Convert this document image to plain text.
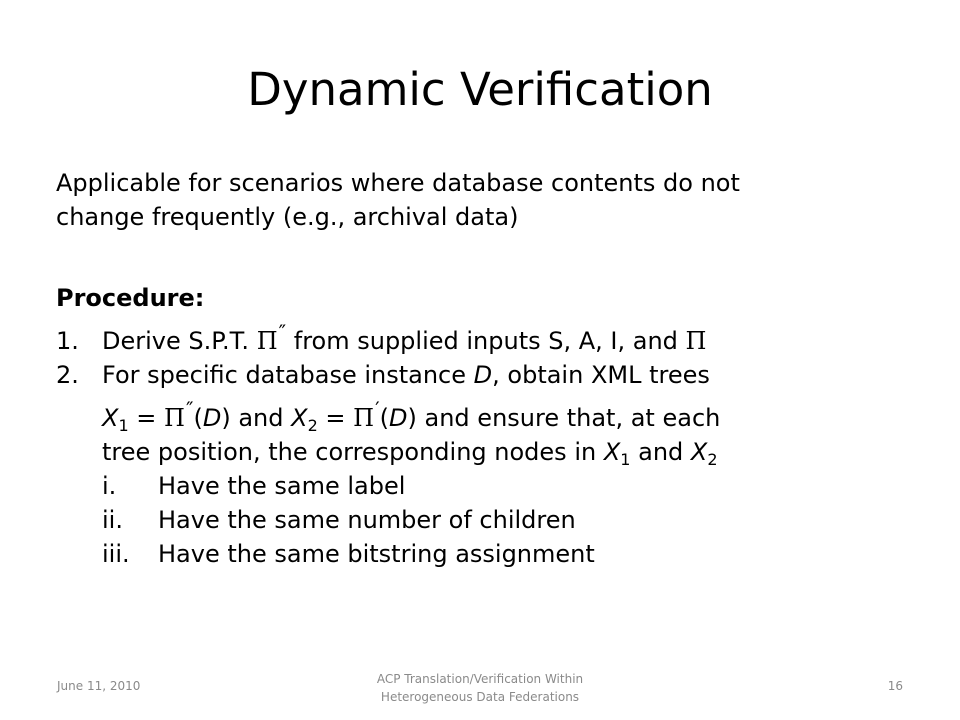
Dynamic Verification
Applicable for scenarios where database contents do not
change frequently (e.g., archival data)
Procedure:
1. Derive S.P.T. Π″ from supplied inputs S, A, I, and Π
2. For specific database instance D, obtain XML trees
$X_1 = \Pi''(D)$ and $X_2 = \Pi'(D)$ and ensure that, at each
tree position, the corresponding nodes in $X_1$ and $X_2$
i. Have the same label
ii. Have the same number of children
iii. Have the same bitstring assignment
June 11, 2010	ACP Translation/Verification Within
Heterogeneous Data Federations
16
